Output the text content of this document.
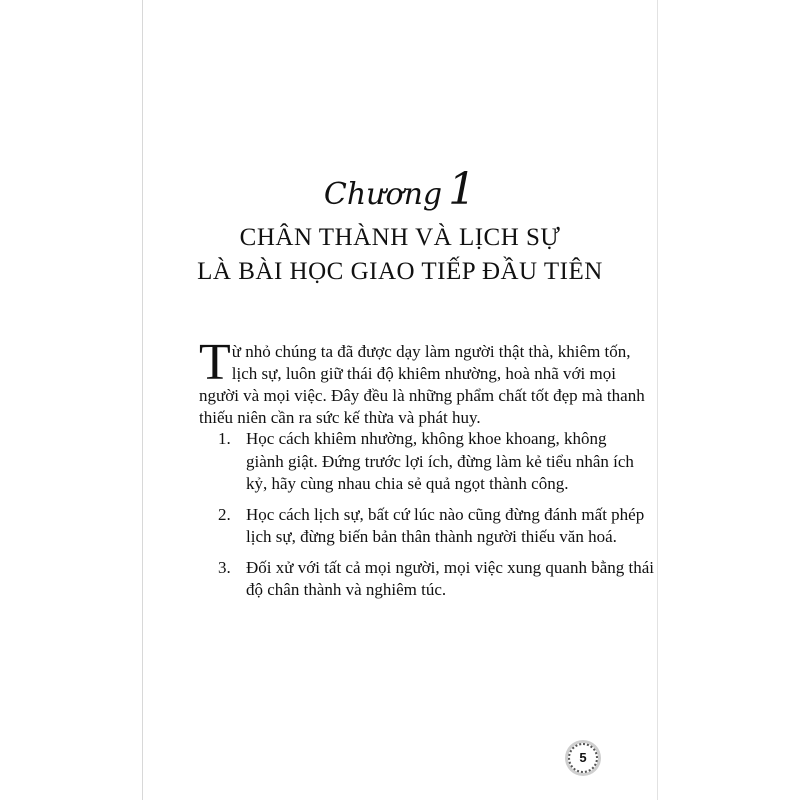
Chương 1
CHÂN THÀNH VÀ LỊCH SỰ
LÀ BÀI HỌC GIAO TIẾP ĐẦU TIÊN
T ừ nhỏ chúng ta đã được dạy làm người thật thà, khiêm tốn,
lịch sự, luôn giữ thái độ khiêm nhường, hoà nhã với mọi
người và mọi việc. Đây đều là những phẩm chất tốt đẹp mà thanh
thiếu niên cần ra sức kế thừa và phát huy.
1. Học cách khiêm nhường, không khoe khoang, không
giành giật. Đứng trước lợi ích, đừng làm kẻ tiểu nhân ích
kỷ, hãy cùng nhau chia sẻ quả ngọt thành công.
2. Học cách lịch sự, bất cứ lúc nào cũng đừng đánh mất phép
lịch sự, đừng biến bản thân thành người thiếu văn hoá.
3. Đối xử với tất cả mọi người, mọi việc xung quanh bằng thái
độ chân thành và nghiêm túc.
5
